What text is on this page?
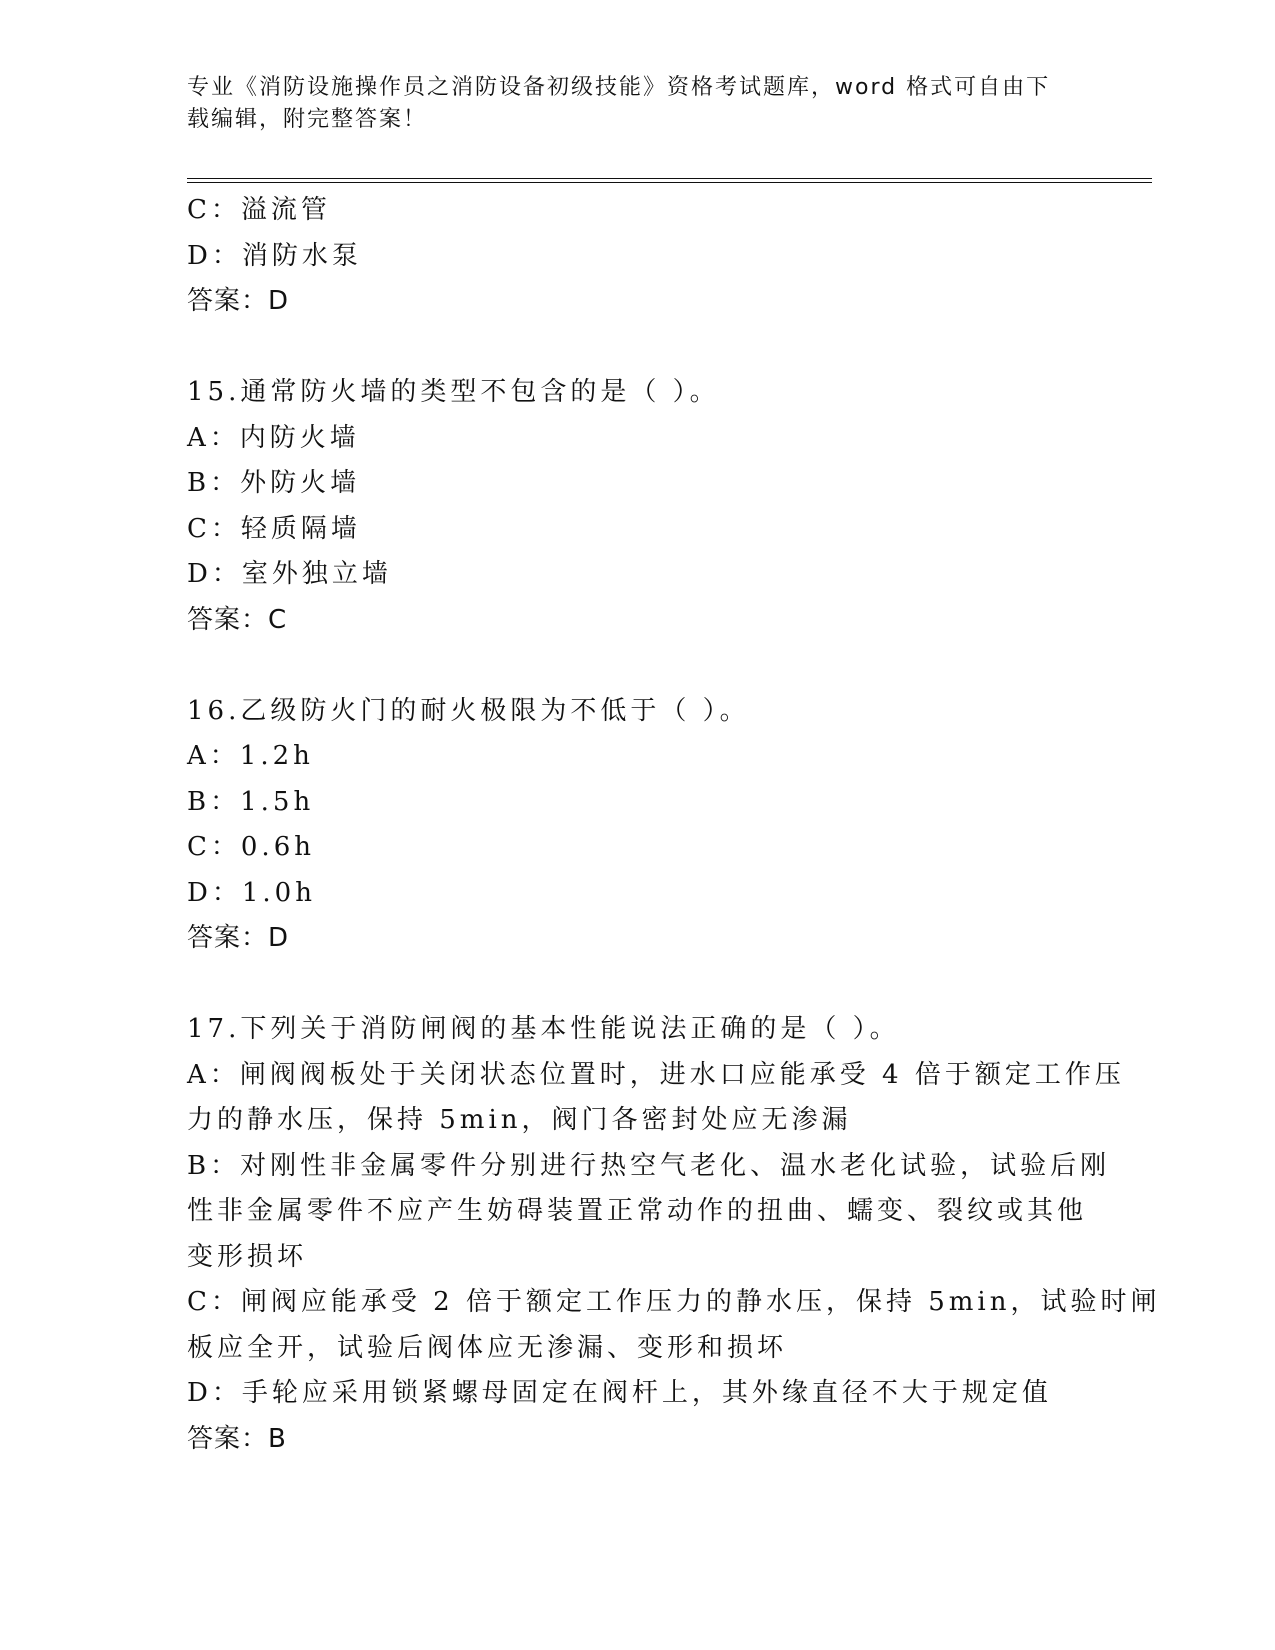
专业《消防设施操作员之消防设备初级技能》资格考试题库，word 格式可自由下
载编辑，附完整答案！
C：溢流管
D：消防水泵
答案：D
15.通常防火墙的类型不包含的是（ ）。
A：内防火墙
B：外防火墙
C：轻质隔墙
D：室外独立墙
答案：C
16.乙级防火门的耐火极限为不低于（ ）。
A：1.2h
B：1.5h
C：0.6h
D：1.0h
答案：D
17.下列关于消防闸阀的基本性能说法正确的是（ ）。
A：闸阀阀板处于关闭状态位置时，进水口应能承受 4 倍于额定工作压
力的静水压，保持 5min，阀门各密封处应无渗漏
B：对刚性非金属零件分别进行热空气老化、温水老化试验，试验后刚
性非金属零件不应产生妨碍装置正常动作的扭曲、蠕变、裂纹或其他
变形损坏
C：闸阀应能承受 2 倍于额定工作压力的静水压，保持 5min，试验时闸
板应全开，试验后阀体应无渗漏、变形和损坏
D：手轮应采用锁紧螺母固定在阀杆上，其外缘直径不大于规定值
答案：B
